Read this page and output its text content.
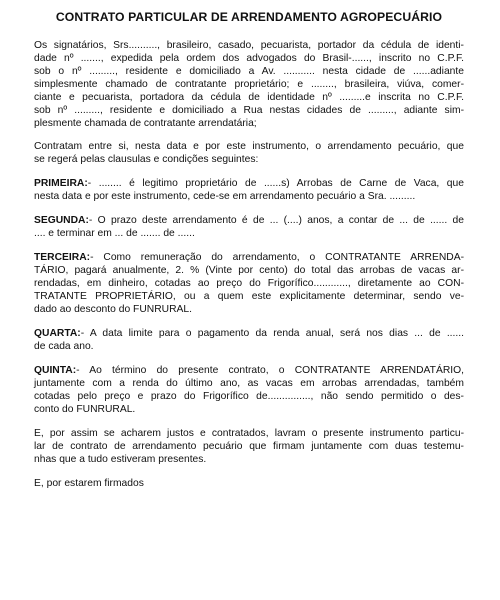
CONTRATO PARTICULAR DE ARRENDAMENTO AGROPECUÁRIO
Os signatários, Srs.........., brasileiro, casado, pecuarista, portador da cédula de identi-
dade nº ......., expedida pela ordem dos advogados do Brasil-......, inscrito no C.P.F.
sob o nº ........., residente e domiciliado a Av. ........... nesta cidade de ......adiante
simplesmente chamado de contratante proprietário; e ........, brasileira, viúva, comer-
ciante e pecuarista, portadora da cédula de identidade nº .........e inscrita no C.P.F.
sob nº ........., residente e domiciliado a Rua nestas cidades de ........., adiante sim-
plesmente chamada de contratante arrendatária;
Contratam entre si, nesta data e por este instrumento, o arrendamento pecuário, que
se regerá pelas clausulas e condições seguintes:
PRIMEIRA:- ........ é legitimo proprietário de ......s) Arrobas de Carne de Vaca, que
nesta data e por este instrumento, cede-se em arrendamento pecuário a Sra. .........
SEGUNDA:- O prazo deste arrendamento é de ... (....) anos, a contar de ... de ...... de
.... e terminar em ... de ....... de ......
TERCEIRA:- Como remuneração do arrendamento, o CONTRATANTE ARRENDA-
TÁRIO, pagará anualmente, 2. % (Vinte por cento) do total das arrobas de vacas ar-
rendadas, em dinheiro, cotadas ao preço do Frigorífico............, diretamente ao CON-
TRATANTE PROPRIETÁRIO, ou a quem este explicitamente determinar, sendo ve-
dado ao desconto do FUNRURAL.
QUARTA:- A data limite para o pagamento da renda anual, será nos dias ... de ......
de cada ano.
QUINTA:- Ao término do presente contrato, o CONTRATANTE ARRENDATÁRIO,
juntamente com a renda do último ano, as vacas em arrobas arrendadas, também
cotadas pelo preço e prazo do Frigorífico de..............., não sendo permitido o des-
conto do FUNRURAL.
E, por assim se acharem justos e contratados, lavram o presente instrumento particu-
lar de contrato de arrendamento pecuário que firmam juntamente com duas testemu-
nhas que a tudo estiveram presentes.
E, por estarem firmados
